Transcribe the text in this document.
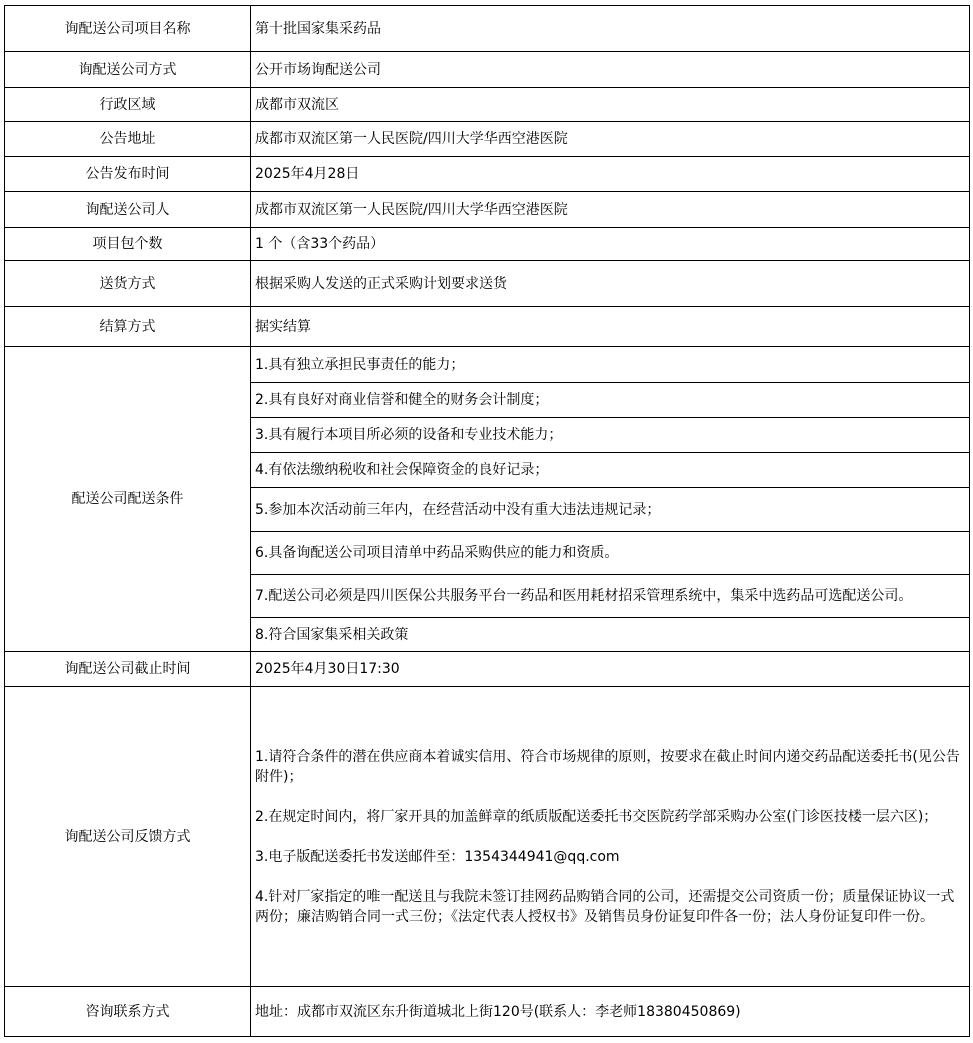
询配送公司项目名称	第十批国家集采药品
询配送公司方式	公开市场询配送公司
行政区域	成都市双流区
公告地址	成都市双流区第一人民医院/四川大学华西空港医院
公告发布时间	2025年4月28日
询配送公司人	成都市双流区第一人民医院/四川大学华西空港医院
项目包个数	1 个（含33个药品）
送货方式	根据采购人发送的正式采购计划要求送货
结算方式	据实结算
配送公司配送条件	1.具有独立承担民事责任的能力；
	2.具有良好对商业信誉和健全的财务会计制度；
	3.具有履行本项目所必须的设备和专业技术能力；
	4.有依法缴纳税收和社会保障资金的良好记录；
	5.参加本次活动前三年内，在经营活动中没有重大违法违规记录；
	6.具备询配送公司项目清单中药品采购供应的能力和资质。
	7.配送公司必须是四川医保公共服务平台一药品和医用耗材招采管理系统中，集采中选药品可选配送公司。
	8.符合国家集采相关政策
询配送公司截止时间	2025年4月30日17:30
询配送公司反馈方式	1.请符合条件的潜在供应商本着诚实信用、符合市场规律的原则，按要求在截止时间内递交药品配送委托书(见公告附件)；

2.在规定时间内，将厂家开具的加盖鲜章的纸质版配送委托书交医院药学部采购办公室(门诊医技楼一层六区)；

3.电子版配送委托书发送邮件至：1354344941@qq.com

4.针对厂家指定的唯一配送且与我院未签订挂网药品购销合同的公司，还需提交公司资质一份；质量保证协议一式两份；廉洁购销合同一式三份；《法定代表人授权书》及销售员身份证复印件各一份；法人身份证复印件一份。

咨询联系方式	地址：成都市双流区东升街道城北上街120号(联系人：李老师18380450869)
